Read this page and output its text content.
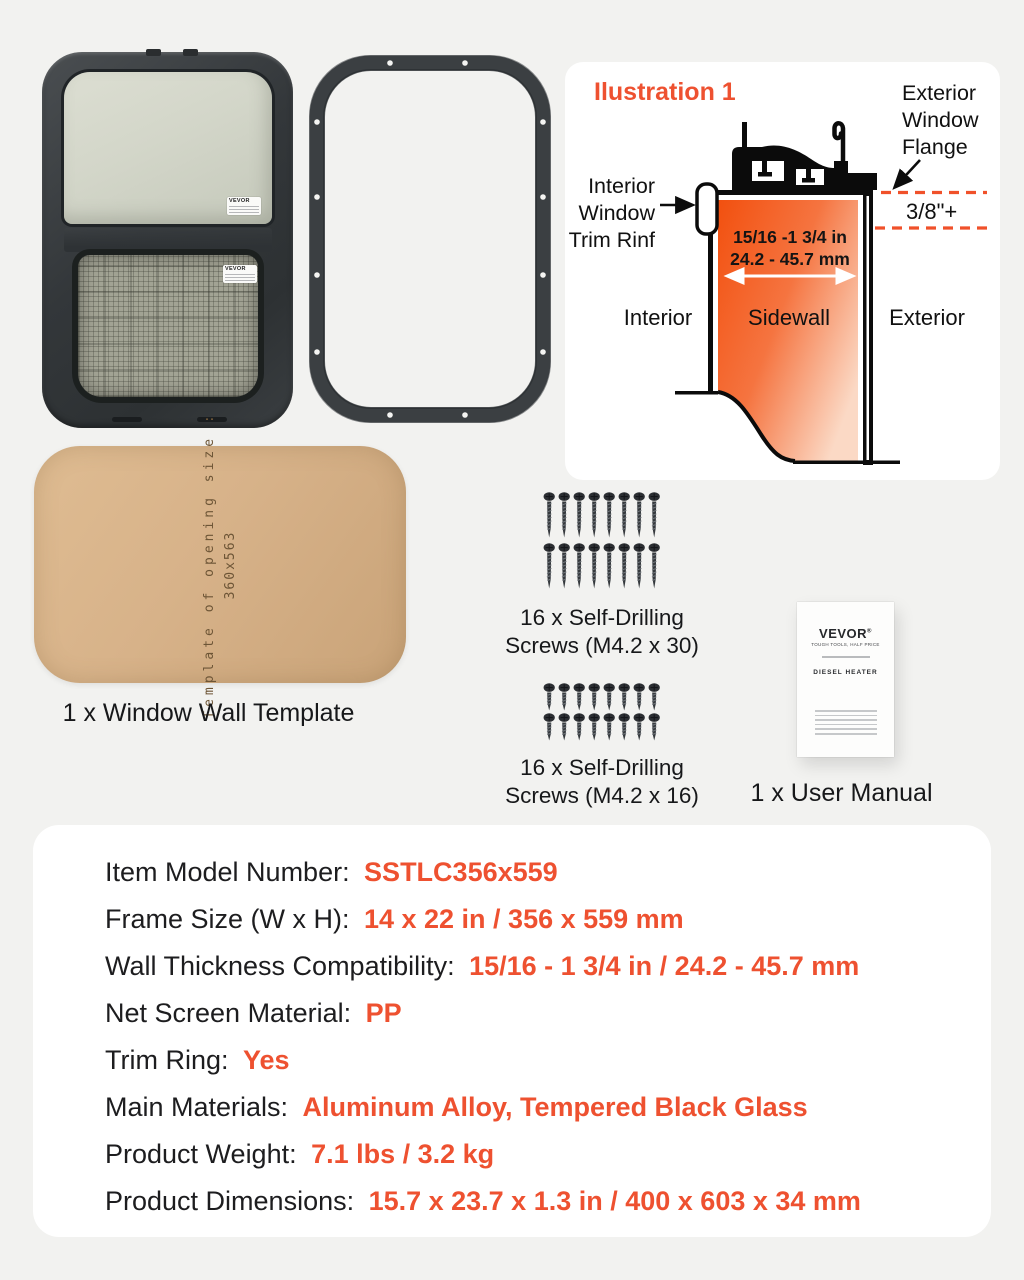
VEVOR
VEVOR
Ilustration 1	Exterior
Window
Flange
Interior
Window
Trim Rinf
3/8"+
15/16 -1 3/4 in
24.2 - 45.7 mm
Interior	Sidewall	Exterior
Template of opening size : 360x563
1 x Window Wall Template
16 x Self-Drilling
Screws (M4.2 x 30)
16 x Self-Drilling
Screws (M4.2 x 16)
VEVOR®
TOUGH TOOLS, HALF PRICE
DIESEL HEATER
1 x User Manual
Item Model Number: SSTLC356x559
Frame Size (W x H): 14 x 22 in / 356 x 559 mm
Wall Thickness Compatibility: 15/16 - 1 3/4 in / 24.2 - 45.7 mm
Net Screen Material: PP
Trim Ring: Yes
Main Materials: Aluminum Alloy, Tempered Black Glass
Product Weight: 7.1 lbs / 3.2 kg
Product Dimensions: 15.7 x 23.7 x 1.3 in / 400 x 603 x 34 mm
